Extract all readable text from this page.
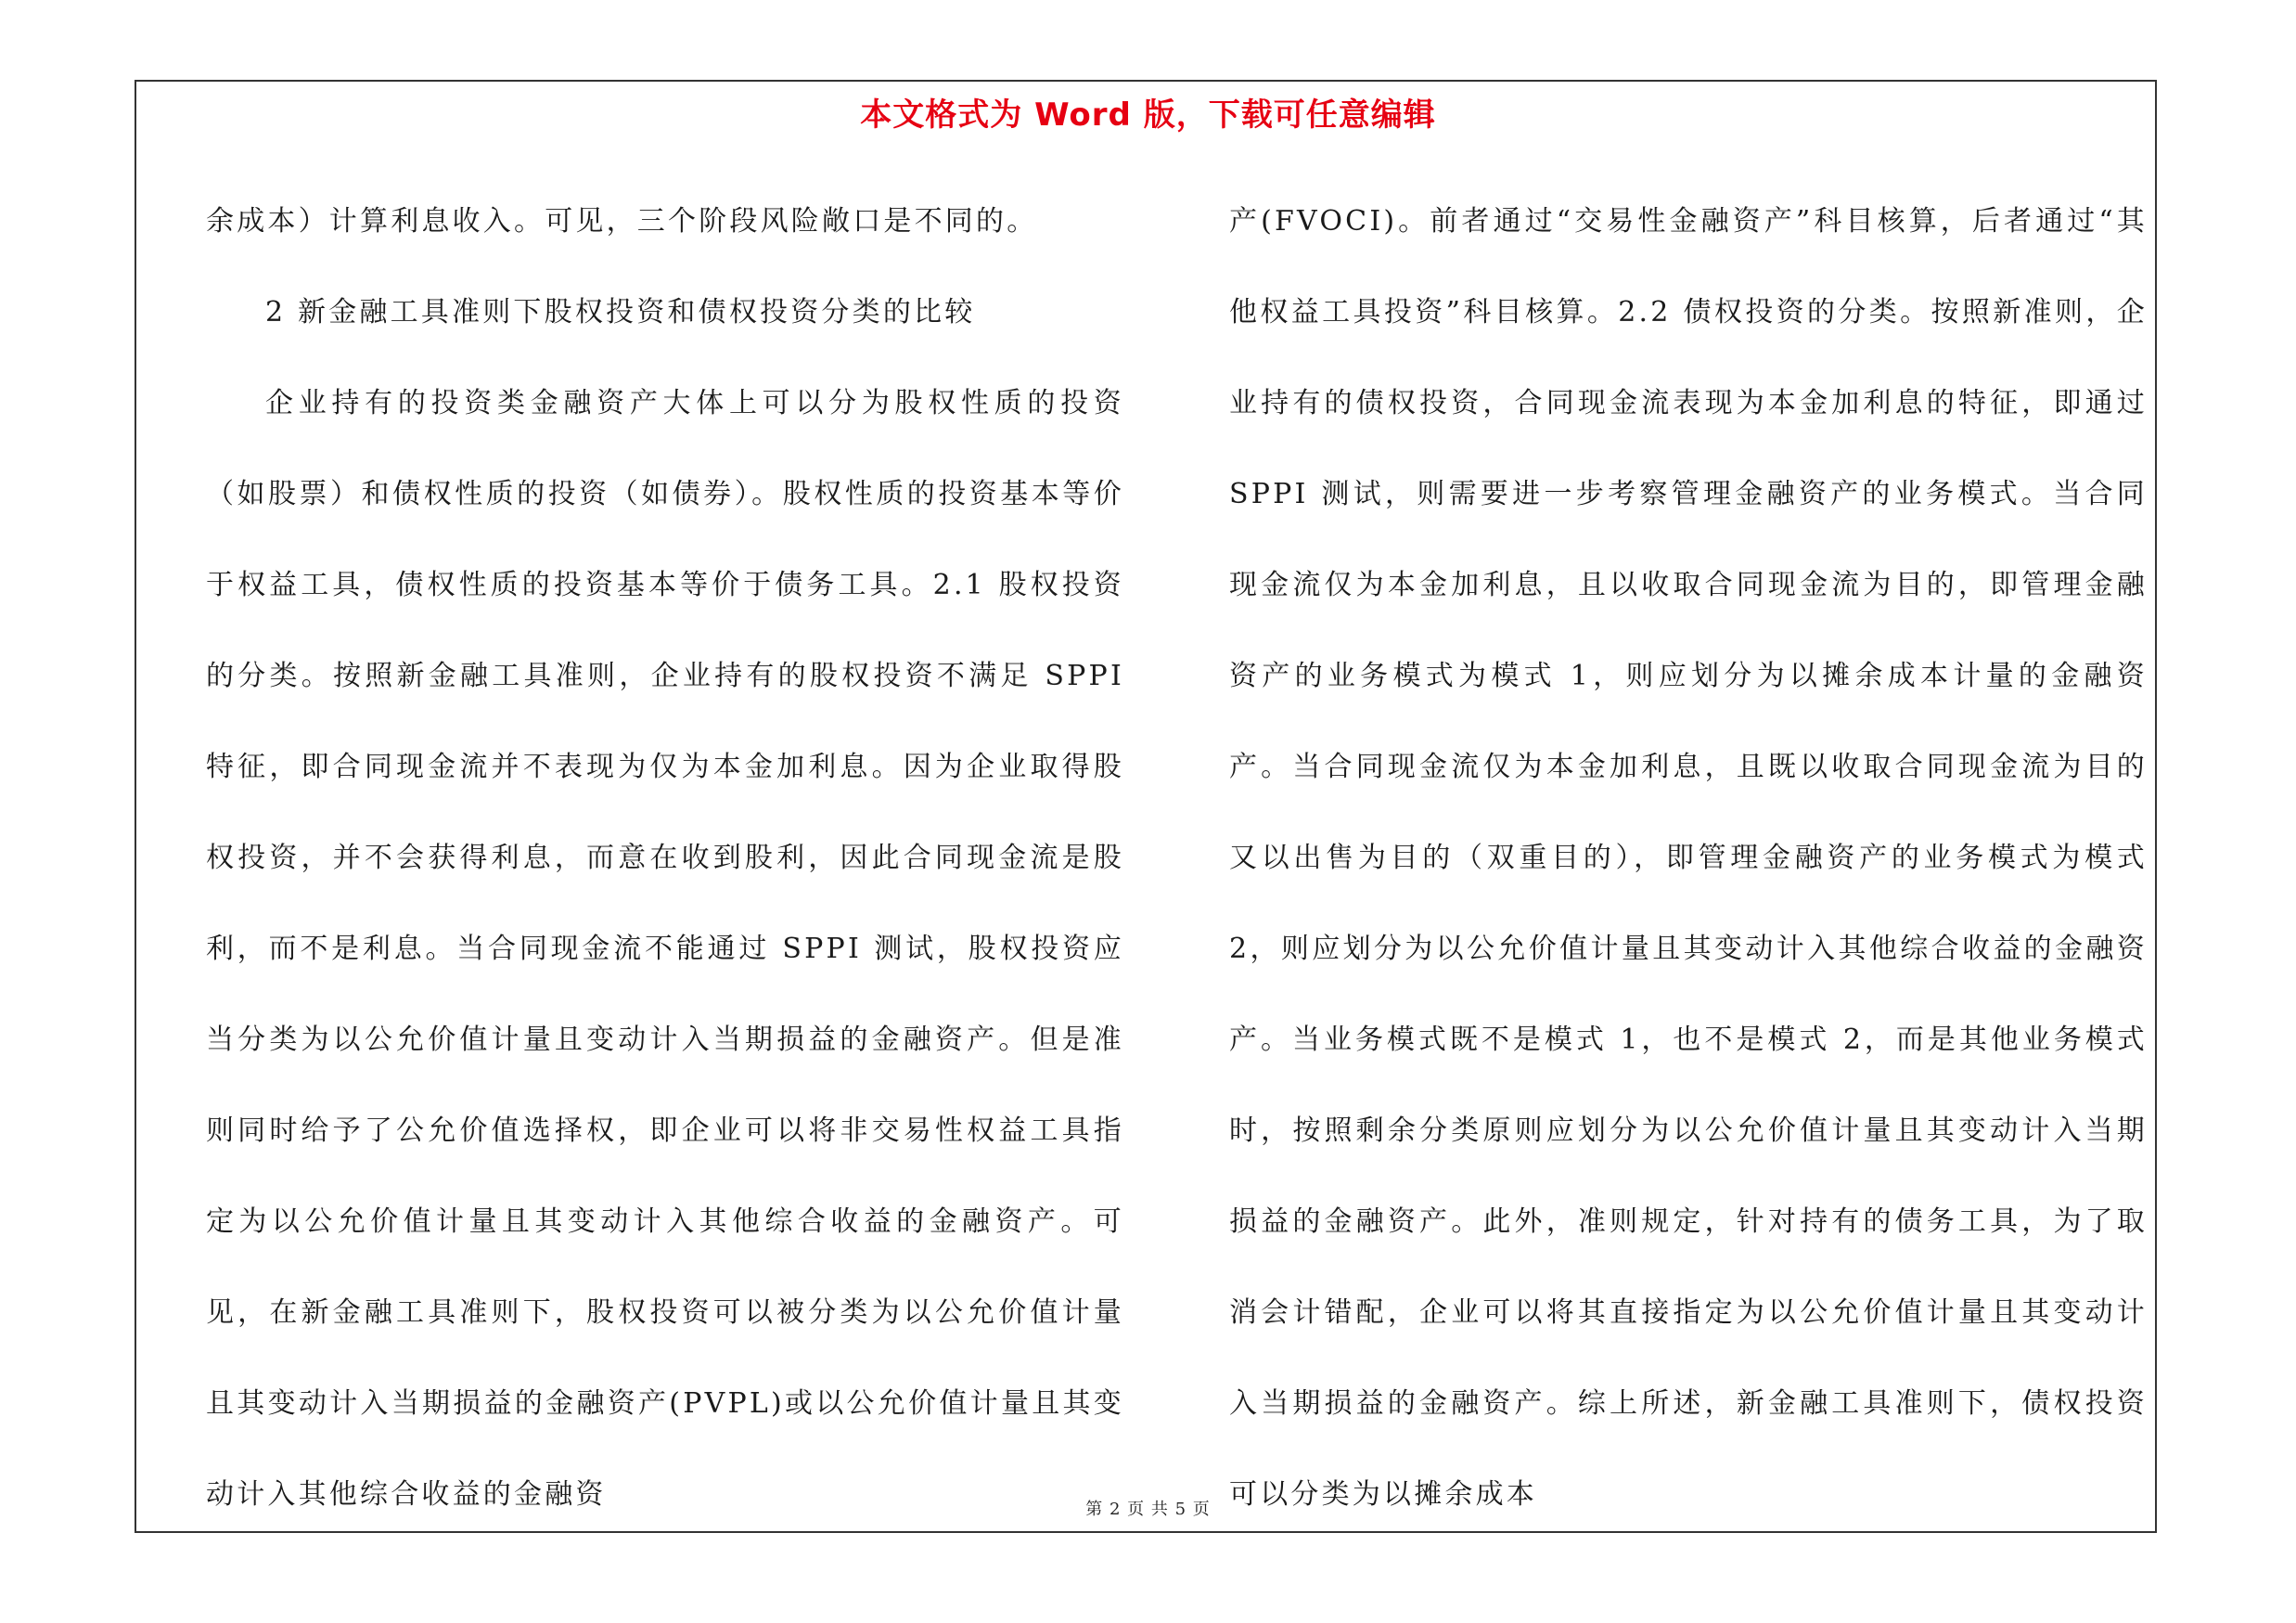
本文格式为 Word 版，下载可任意编辑

余成本）计算利息收入。可见，三个阶段风险敞口是不同的。

2 新金融工具准则下股权投资和债权投资分类的比较

企业持有的投资类金融资产大体上可以分为股权性质的投资（如股票）和债权性质的投资（如债券）。股权性质的投资基本等价于权益工具，债权性质的投资基本等价于债务工具。2.1 股权投资的分类。按照新金融工具准则，企业持有的股权投资不满足 SPPI 特征，即合同现金流并不表现为仅为本金加利息。因为企业取得股权投资，并不会获得利息，而意在收到股利，因此合同现金流是股利，而不是利息。当合同现金流不能通过 SPPI 测试，股权投资应当分类为以公允价值计量且变动计入当期损益的金融资产。但是准则同时给予了公允价值选择权，即企业可以将非交易性权益工具指定为以公允价值计量且其变动计入其他综合收益的金融资产。可见，在新金融工具准则下，股权投资可以被分类为以公允价值计量且其变动计入当期损益的金融资产(PVPL)或以公允价值计量且其变动计入其他综合收益的金融资

产(FVOCI)。前者通过“交易性金融资产”科目核算，后者通过“其他权益工具投资”科目核算。2.2 债权投资的分类。按照新准则，企业持有的债权投资，合同现金流表现为本金加利息的特征，即通过 SPPI 测试，则需要进一步考察管理金融资产的业务模式。当合同现金流仅为本金加利息，且以收取合同现金流为目的，即管理金融资产的业务模式为模式 1，则应划分为以摊余成本计量的金融资产。当合同现金流仅为本金加利息，且既以收取合同现金流为目的又以出售为目的（双重目的），即管理金融资产的业务模式为模式 2，则应划分为以公允价值计量且其变动计入其他综合收益的金融资产。当业务模式既不是模式 1，也不是模式 2，而是其他业务模式时，按照剩余分类原则应划分为以公允价值计量且其变动计入当期损益的金融资产。此外，准则规定，针对持有的债务工具，为了取消会计错配，企业可以将其直接指定为以公允价值计量且其变动计入当期损益的金融资产。综上所述，新金融工具准则下，债权投资可以分类为以摊余成本

第 2 页 共 5 页
